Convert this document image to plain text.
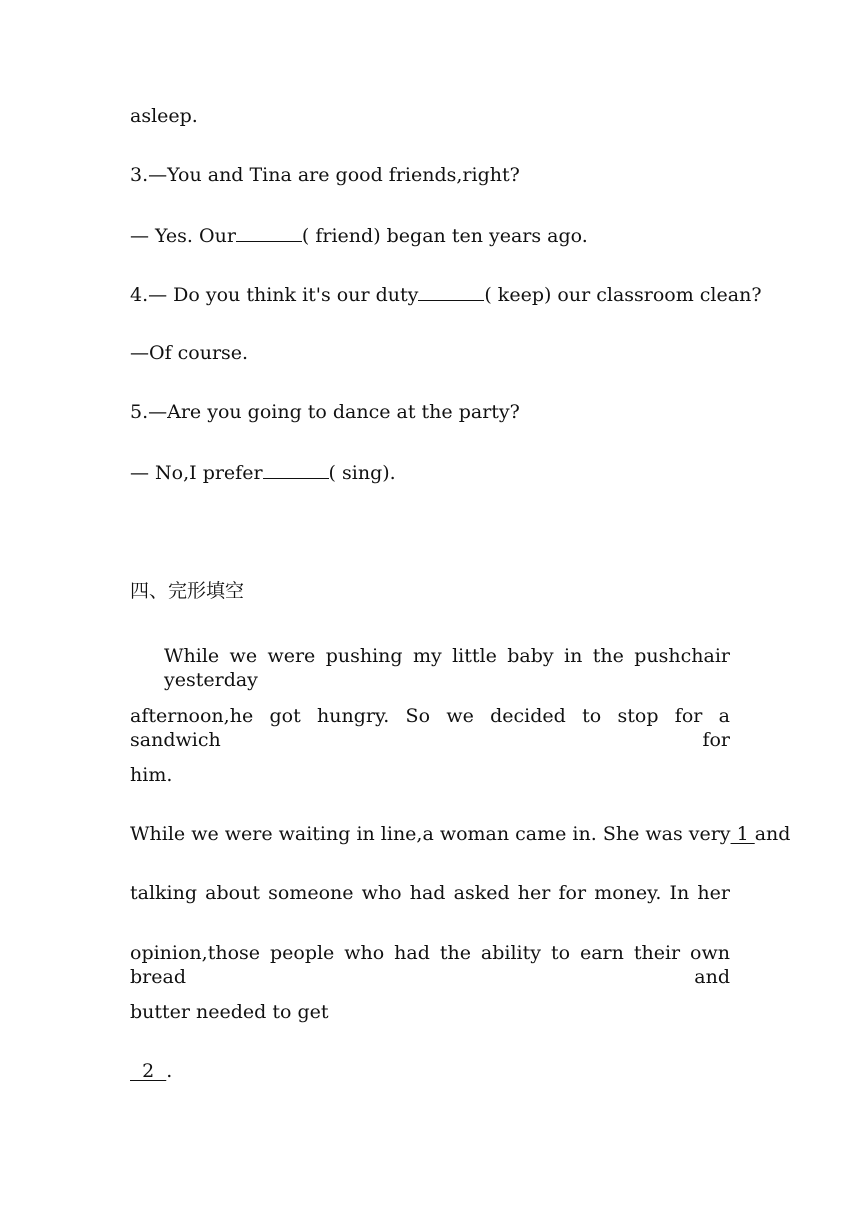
asleep.
3.—You and Tina are good friends,right?
— Yes. Our	( friend) began ten years ago.
4.— Do you think it's our duty	( keep) our classroom clean?
—Of course.
5.—Are you going to dance at the party?
— No,I prefer	( sing).
四、完形填空
While we were pushing my little baby in the pushchair yesterday
afternoon,he got hungry. So we decided to stop for a sandwich for
him.
While we were waiting in line,a woman came in. She was very 1 and
talking about someone who had asked her for money. In her
opinion,those people who had the ability to earn their own bread and
butter needed to get
2  .
